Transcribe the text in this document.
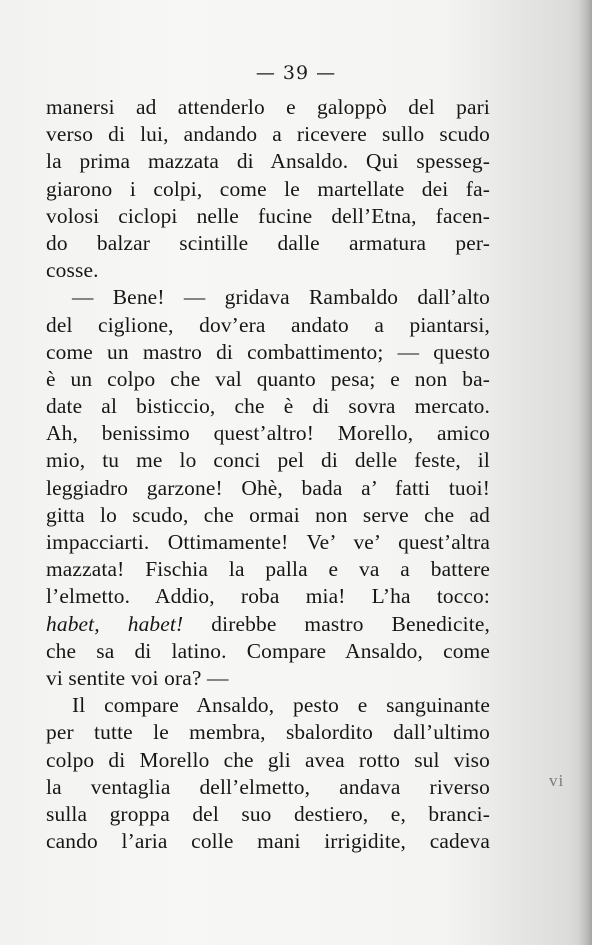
— 39 —
manersi ad attenderlo e galoppò del pari
verso di lui, andando a ricevere sullo scudo
la prima mazzata di Ansaldo. Qui spesseg-
giarono i colpi, come le martellate dei fa-
volosi ciclopi nelle fucine dell’Etna, facen-
do balzar scintille dalle armatura per-
cosse.
— Bene! — gridava Rambaldo dall’alto
del ciglione, dov’era andato a piantarsi,
come un mastro di combattimento; — questo
è un colpo che val quanto pesa; e non ba-
date al bisticcio, che è di sovra mercato.
Ah, benissimo quest’altro! Morello, amico
mio, tu me lo conci pel di delle feste, il
leggiadro garzone! Ohè, bada a’ fatti tuoi!
gitta lo scudo, che ormai non serve che ad
impacciarti. Ottimamente! Ve’ ve’ quest’altra
mazzata! Fischia la palla e va a battere
l’elmetto. Addio, roba mia! L’ha tocco:
habet, habet! direbbe mastro Benedicite,
che sa di latino. Compare Ansaldo, come
vi sentite voi ora? —
Il compare Ansaldo, pesto e sanguinante
per tutte le membra, sbalordito dall’ultimo
colpo di Morello che gli avea rotto sul viso
la ventaglia dell’elmetto, andava riverso
sulla groppa del suo destiero, e, branci-
cando l’aria colle mani irrigidite, cadeva
vi
